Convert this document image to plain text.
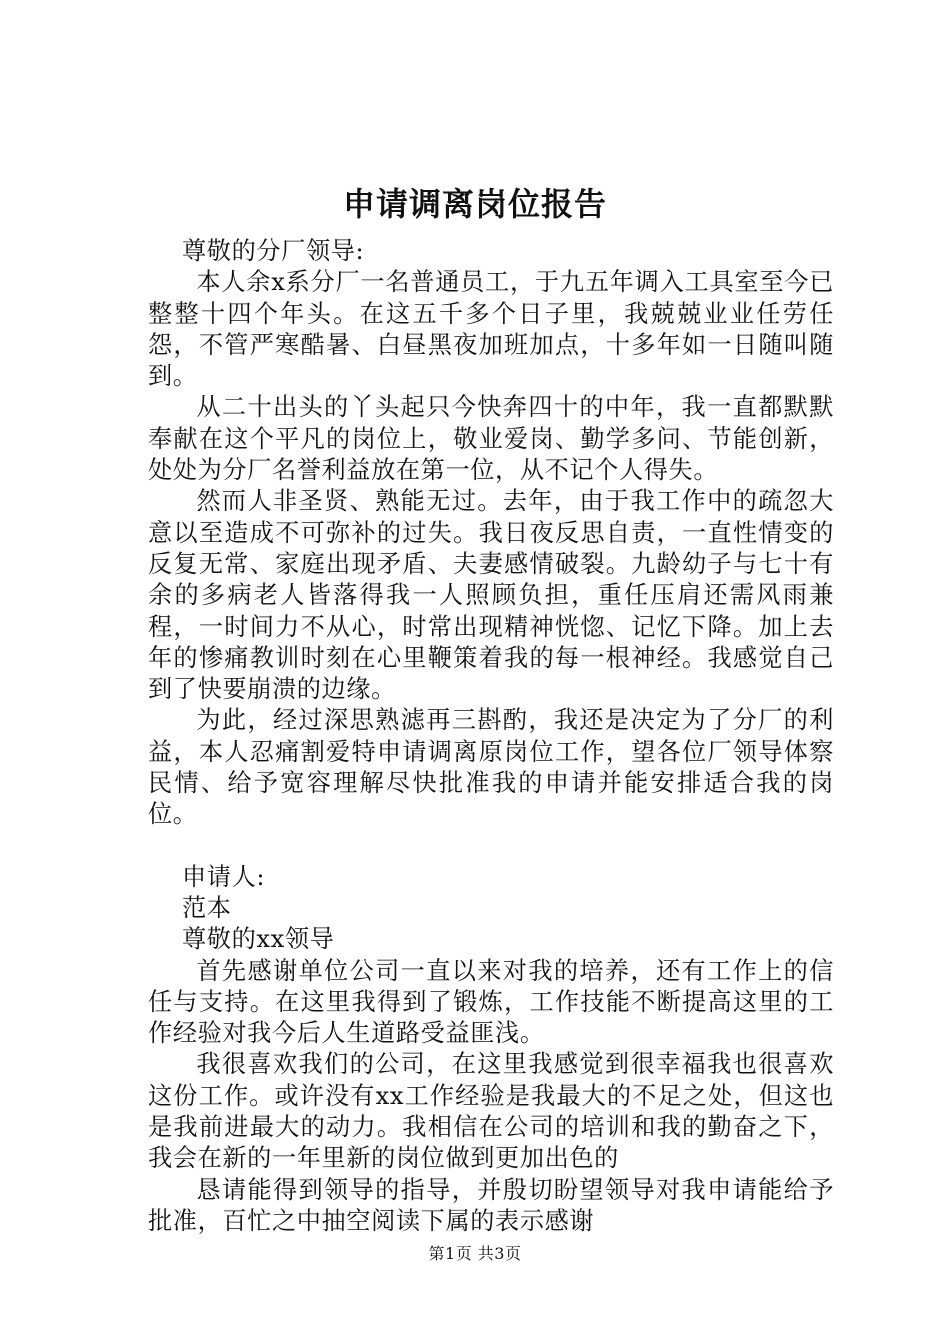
申请调离岗位报告

尊敬的分厂领导:

本人余x系分厂一名普通员工，于九五年调入工具室至今已整整十四个年头。在这五千多个日子里，我兢兢业业任劳任怨，不管严寒酷暑、白昼黑夜加班加点，十多年如一日随叫随到。

从二十出头的丫头起只今快奔四十的中年，我一直都默默奉献在这个平凡的岗位上，敬业爱岗、勤学多问、节能创新，处处为分厂名誉利益放在第一位，从不记个人得失。

然而人非圣贤、熟能无过。去年，由于我工作中的疏忽大意以至造成不可弥补的过失。我日夜反思自责，一直性情变的反复无常、家庭出现矛盾、夫妻感情破裂。九龄幼子与七十有余的多病老人皆落得我一人照顾负担，重任压肩还需风雨兼程，一时间力不从心，时常出现精神恍惚、记忆下降。加上去年的惨痛教训时刻在心里鞭策着我的每一根神经。我感觉自己到了快要崩溃的边缘。

为此，经过深思熟滤再三斟酌，我还是决定为了分厂的利益，本人忍痛割爱特申请调离原岗位工作，望各位厂领导体察民情、给予宽容理解尽快批准我的申请并能安排适合我的岗位。

申请人:

范本

尊敬的xx领导

首先感谢单位公司一直以来对我的培养，还有工作上的信任与支持。在这里我得到了锻炼，工作技能不断提高这里的工作经验对我今后人生道路受益匪浅。

我很喜欢我们的公司，在这里我感觉到很幸福我也很喜欢这份工作。或许没有xx工作经验是我最大的不足之处，但这也是我前进最大的动力。我相信在公司的培训和我的勤奋之下，我会在新的一年里新的岗位做到更加出色的

恳请能得到领导的指导，并殷切盼望领导对我申请能给予批准，百忙之中抽空阅读下属的表示感谢

第1页 共3页
